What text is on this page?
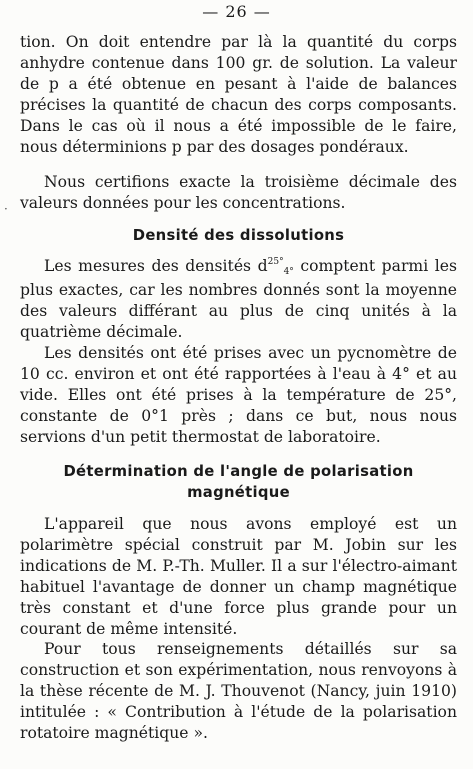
— 26 —
·

tion. On doit entendre par là la quantité du corps anhydre contenue dans 100 gr. de solution. La valeur de p a été obtenue en pesant à l'aide de balances précises la quantité de chacun des corps composants. Dans le cas où il nous a été impossible de le faire, nous déterminions p par des dosages pondéraux.

Nous certifions exacte la troisième décimale des valeurs données pour les concentrations.

Densité des dissolutions

Les mesures des densités $d^{25^\circ}4^\circ$ comptent parmi les plus exactes, car les nombres donnés sont la moyenne des valeurs différant au plus de cinq unités à la quatrième décimale.

Les densités ont été prises avec un pycnomètre de 10 cc. environ et ont été rapportées à l'eau à 4° et au vide. Elles ont été prises à la température de 25°, constante de 0°1 près ; dans ce but, nous nous servions d'un petit thermostat de laboratoire.

Détermination de l'angle de polarisation
magnétique

L'appareil que nous avons employé est un polarimètre spécial construit par M. Jobin sur les indications de M. P.-Th. Muller. Il a sur l'électro-aimant habituel l'avantage de donner un champ magnétique très constant et d'une force plus grande pour un courant de même intensité.

Pour tous renseignements détaillés sur sa construction et son expérimentation, nous renvoyons à la thèse récente de M. J. Thouvenot (Nancy, juin 1910) intitulée : « Contribution à l'étude de la polarisation rotatoire magnétique ».
